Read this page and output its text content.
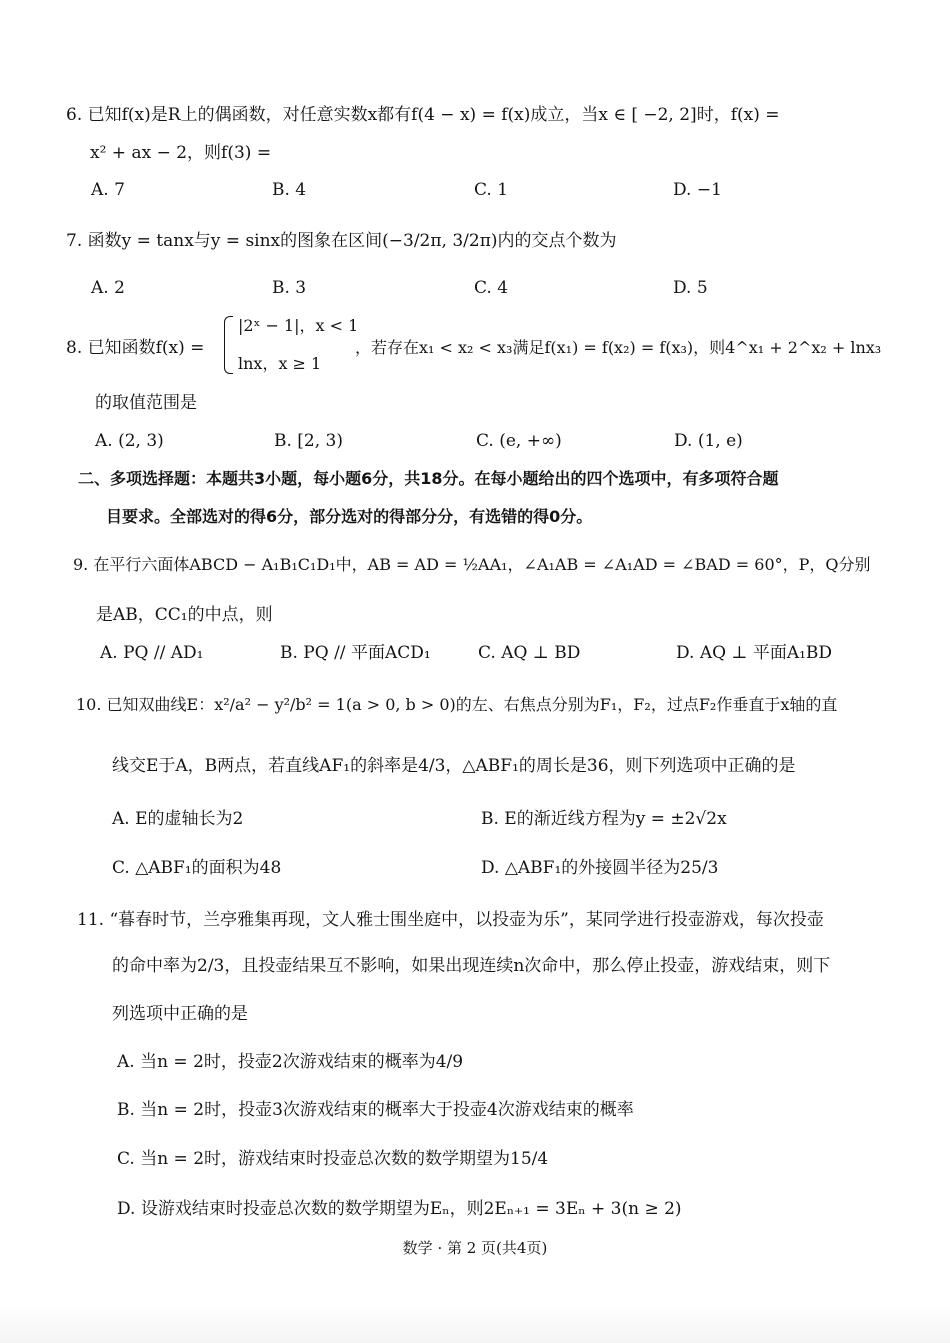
6. 已知f(x)是R上的偶函数，对任意实数x都有f(4 − x) = f(x)成立，当x ∈ [ −2, 2]时，f(x) =
x² + ax − 2，则f(3) =
A. 7	B. 4	C. 1	D. −1
7. 函数y = tanx与y = sinx的图象在区间(−3/2π, 3/2π)内的交点个数为
A. 2	B. 3	C. 4	D. 5
8. 已知函数f(x) =
|2ˣ − 1|，x < 1
lnx，x ≥ 1
，若存在x₁ < x₂ < x₃满足f(x₁) = f(x₂) = f(x₃)，则4^x₁ + 2^x₂ + lnx₃
的取值范围是
A. (2, 3)	B. [2, 3)	C. (e, +∞)	D. (1, e)
二、多项选择题：本题共3小题，每小题6分，共18分。在每小题给出的四个选项中，有多项符合题
目要求。全部选对的得6分，部分选对的得部分分，有选错的得0分。
9. 在平行六面体ABCD − A₁B₁C₁D₁中，AB = AD = ½AA₁，∠A₁AB = ∠A₁AD = ∠BAD = 60°，P，Q分别
是AB，CC₁的中点，则
A. PQ // AD₁	B. PQ // 平面ACD₁	C. AQ ⊥ BD	D. AQ ⊥ 平面A₁BD
10. 已知双曲线E：x²/a² − y²/b² = 1(a > 0, b > 0)的左、右焦点分别为F₁，F₂，过点F₂作垂直于x轴的直
线交E于A，B两点，若直线AF₁的斜率是4/3，△ABF₁的周长是36，则下列选项中正确的是
A. E的虚轴长为2	B. E的渐近线方程为y = ±2√2x
C. △ABF₁的面积为48	D. △ABF₁的外接圆半径为25/3
11. “暮春时节，兰亭雅集再现，文人雅士围坐庭中，以投壶为乐”，某同学进行投壶游戏，每次投壶
的命中率为2/3，且投壶结果互不影响，如果出现连续n次命中，那么停止投壶，游戏结束，则下
列选项中正确的是
A. 当n = 2时，投壶2次游戏结束的概率为4/9
B. 当n = 2时，投壶3次游戏结束的概率大于投壶4次游戏结束的概率
C. 当n = 2时，游戏结束时投壶总次数的数学期望为15/4
D. 设游戏结束时投壶总次数的数学期望为Eₙ，则2Eₙ₊₁ = 3Eₙ + 3(n ≥ 2)
数学 · 第 2 页(共4页)
